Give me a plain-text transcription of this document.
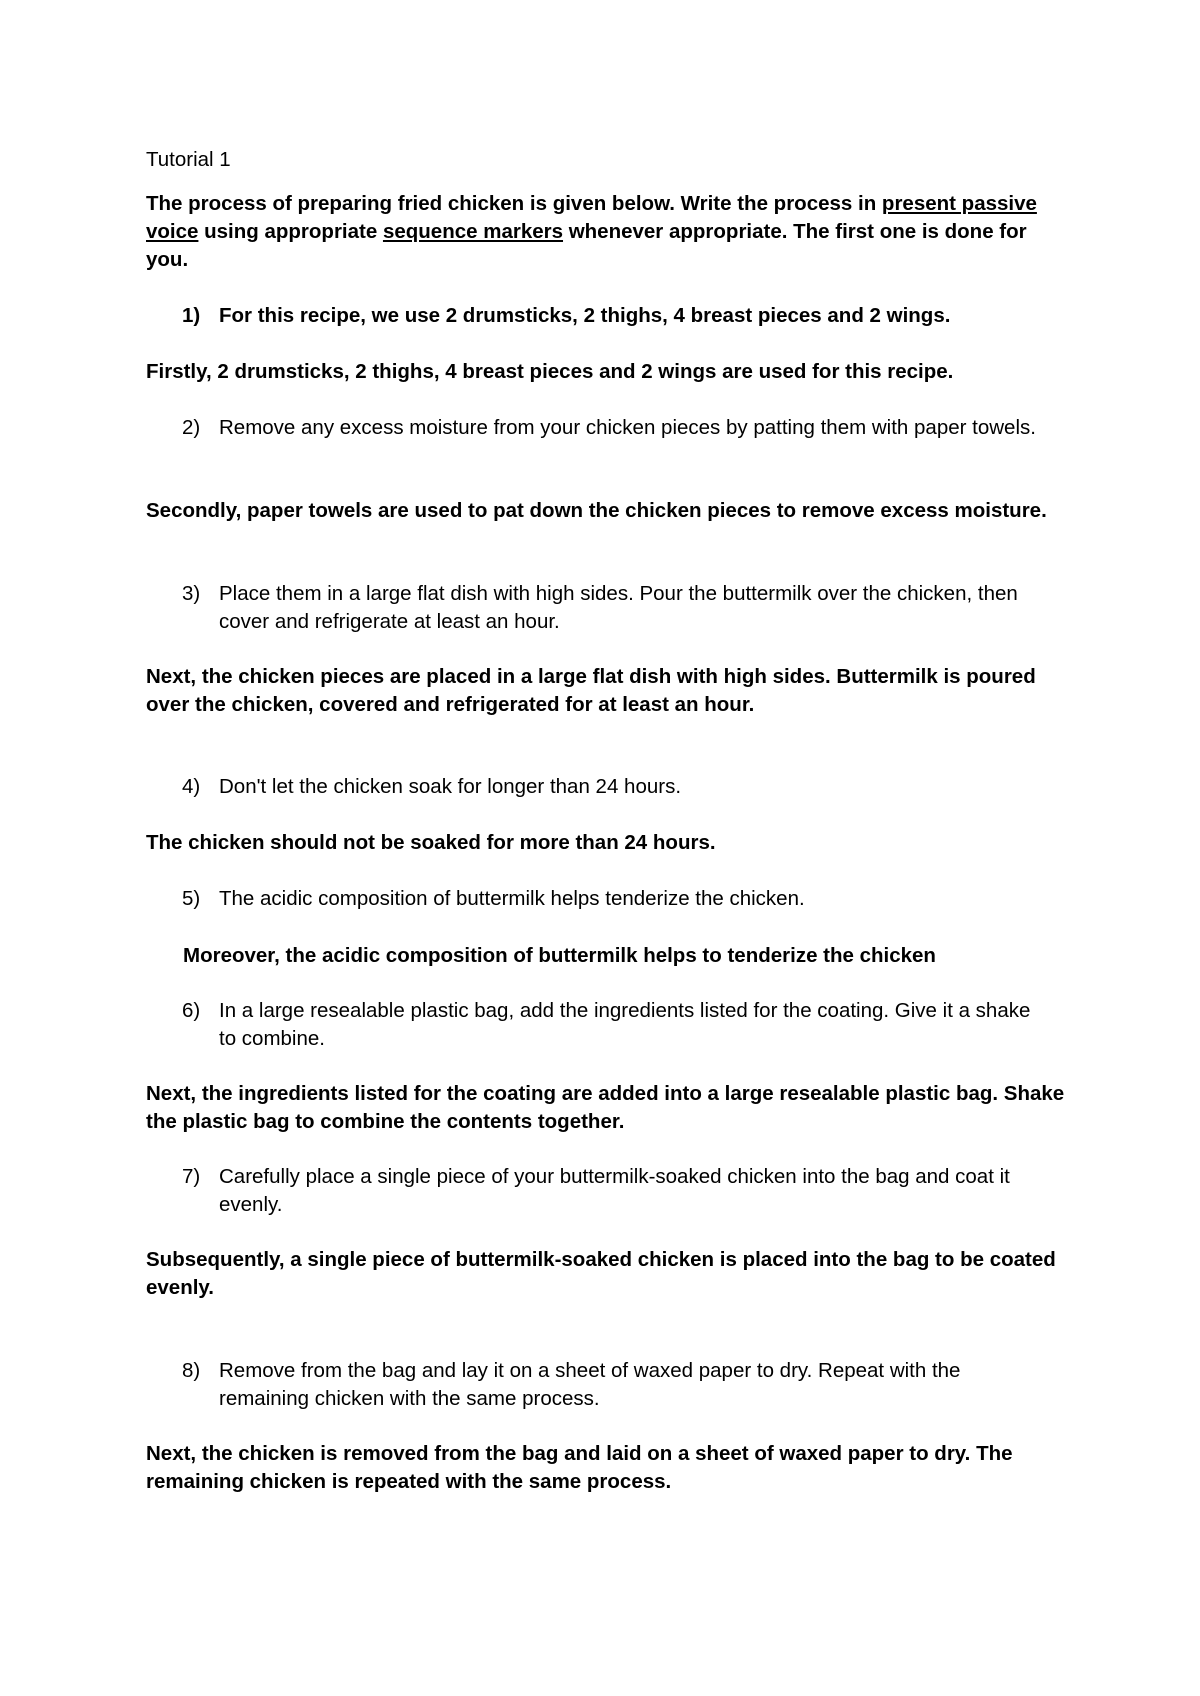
Tutorial 1

The process of preparing fried chicken is given below. Write the process in present passive voice using appropriate sequence markers whenever appropriate. The first one is done for you.

1) For this recipe, we use 2 drumsticks, 2 thighs, 4 breast pieces and 2 wings.

Firstly, 2 drumsticks, 2 thighs, 4 breast pieces and 2 wings are used for this recipe.

2) Remove any excess moisture from your chicken pieces by patting them with paper towels.

Secondly, paper towels are used to pat down the chicken pieces to remove excess moisture.

3) Place them in a large flat dish with high sides. Pour the buttermilk over the chicken, then cover and refrigerate at least an hour.

Next, the chicken pieces are placed in a large flat dish with high sides. Buttermilk is poured over the chicken, covered and refrigerated for at least an hour.

4) Don't let the chicken soak for longer than 24 hours.

The chicken should not be soaked for more than 24 hours.

5) The acidic composition of buttermilk helps tenderize the chicken.

Moreover, the acidic composition of buttermilk helps to tenderize the chicken

6) In a large resealable plastic bag, add the ingredients listed for the coating. Give it a shake to combine.

Next, the ingredients listed for the coating are added into a large resealable plastic bag. Shake the plastic bag to combine the contents together.

7) Carefully place a single piece of your buttermilk-soaked chicken into the bag and coat it evenly.

Subsequently, a single piece of buttermilk-soaked chicken is placed into the bag to be coated evenly.

8) Remove from the bag and lay it on a sheet of waxed paper to dry. Repeat with the remaining chicken with the same process.

Next, the chicken is removed from the bag and laid on a sheet of waxed paper to dry. The remaining chicken is repeated with the same process.
